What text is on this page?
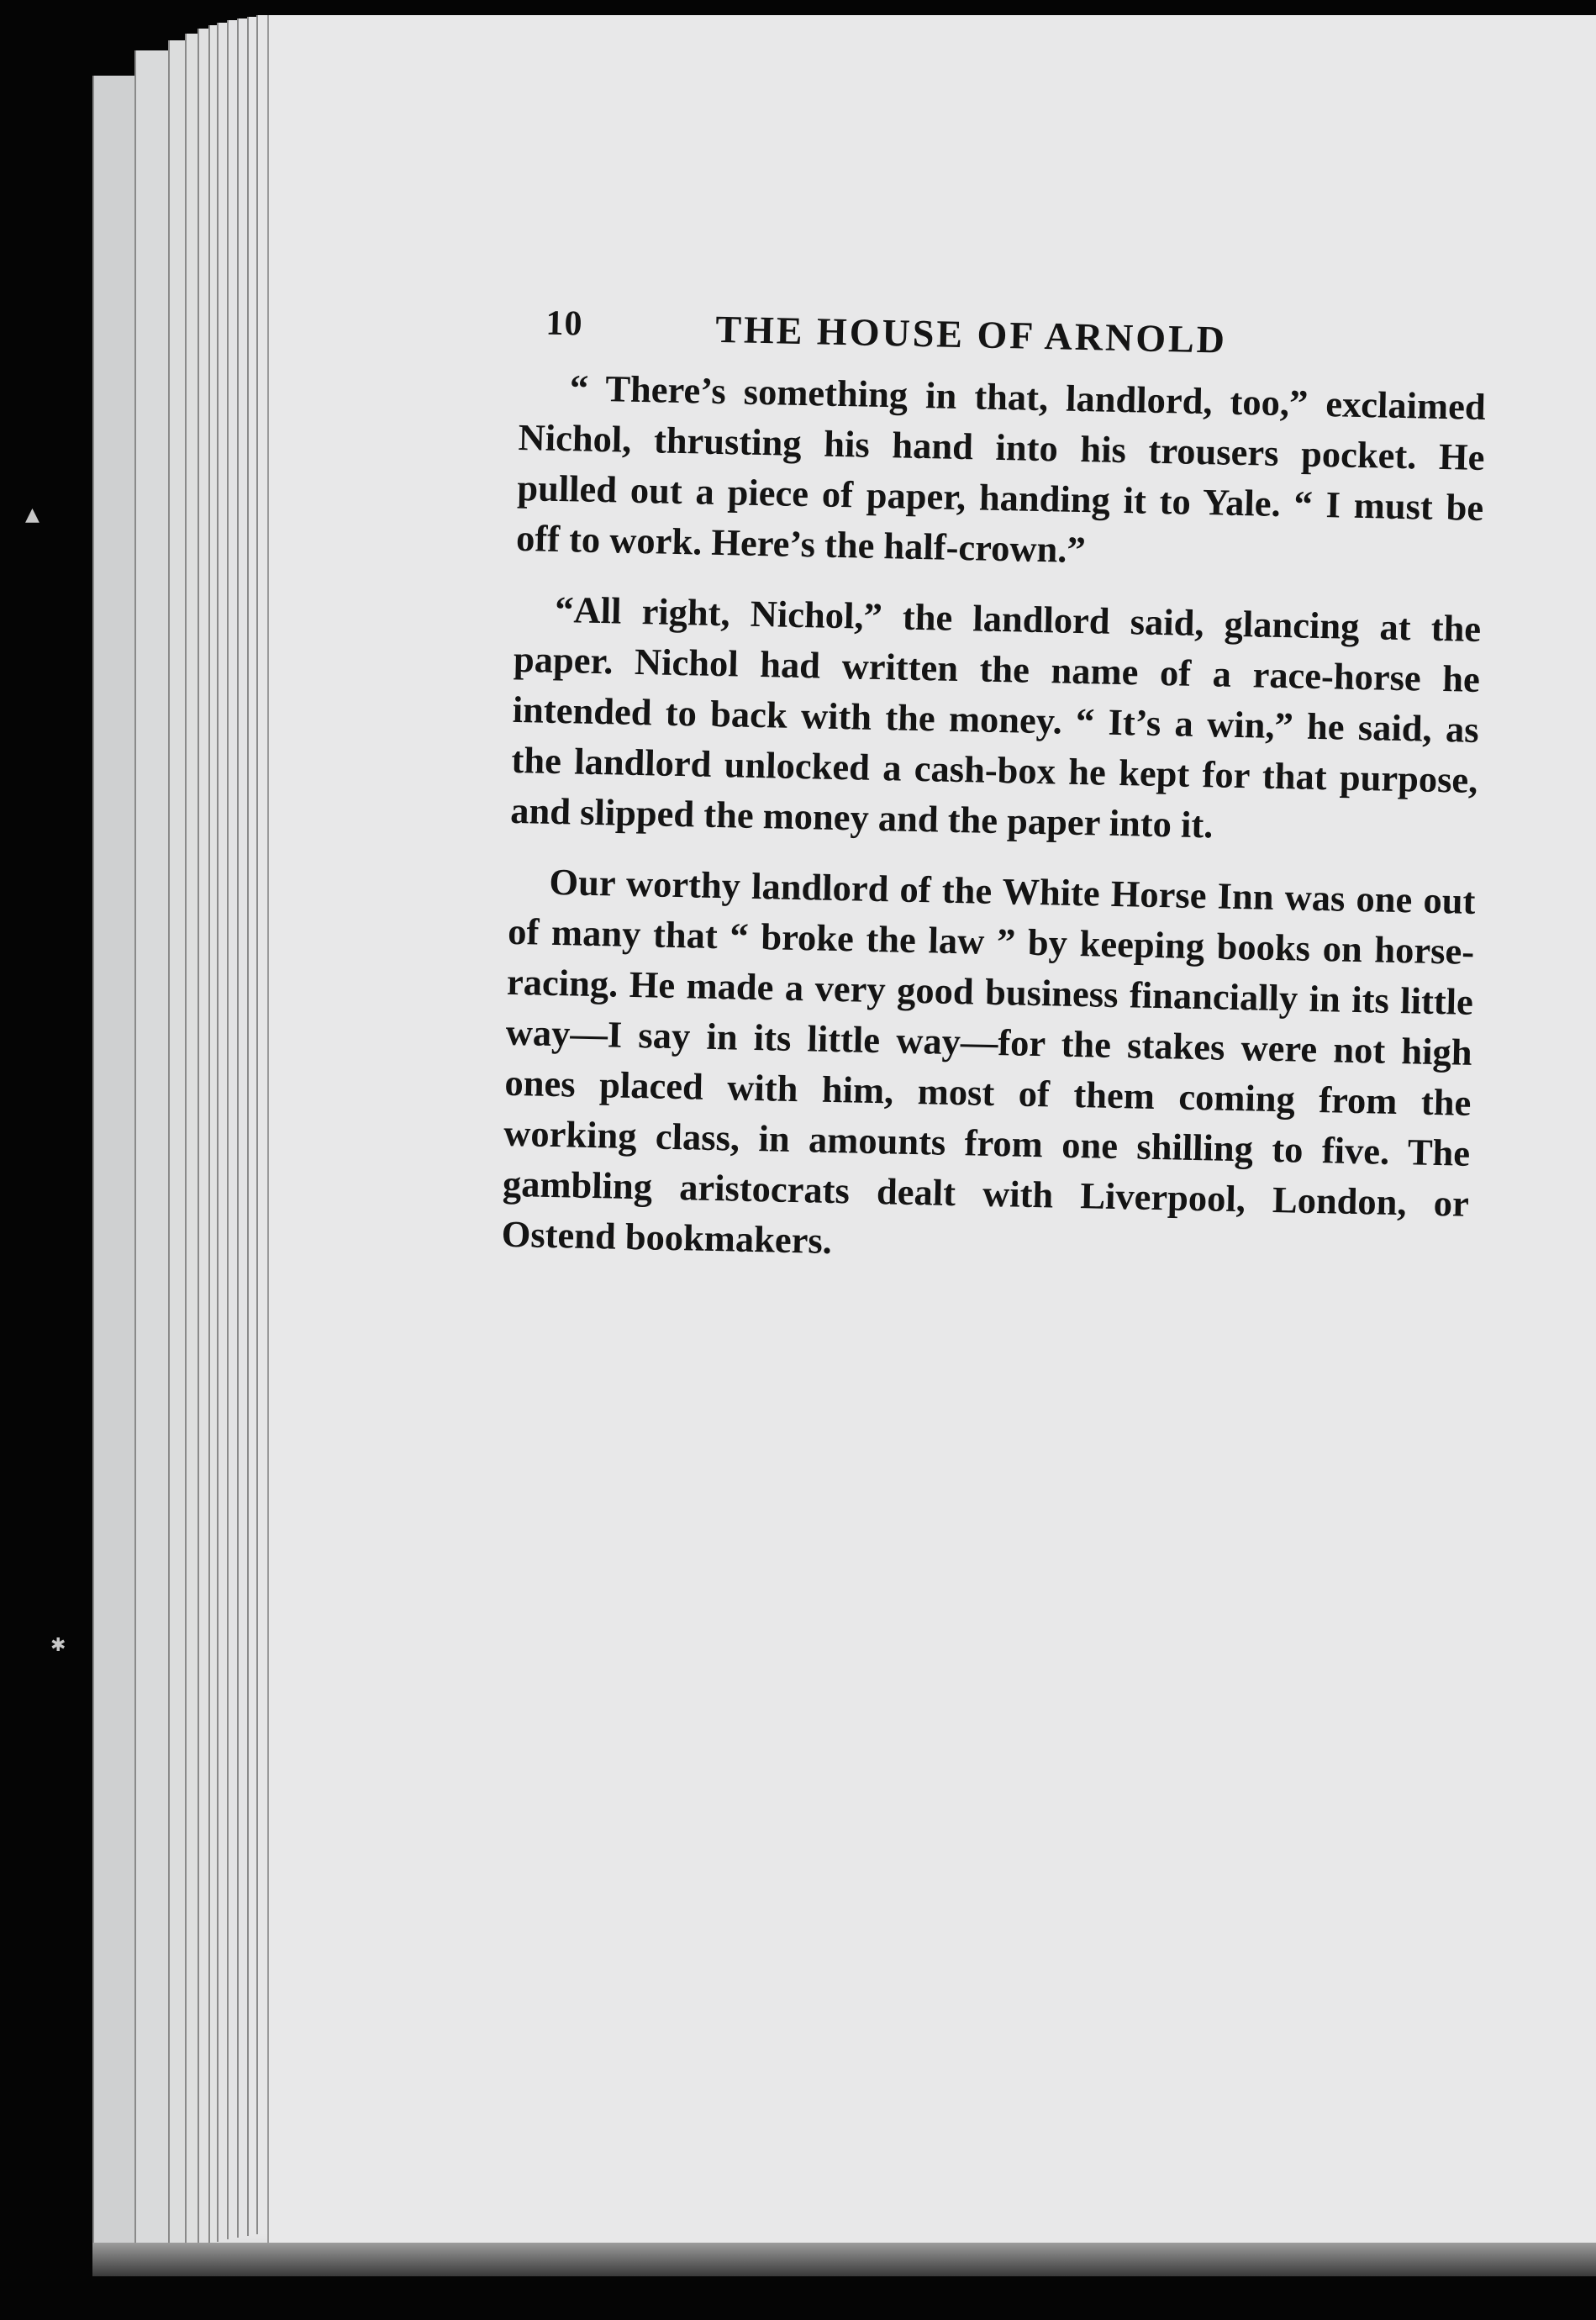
▲
✱
10	THE HOUSE OF ARNOLD

“ There’s something in that, landlord, too,” exclaimed Nichol, thrusting his hand into his trousers pocket. He pulled out a piece of paper, handing it to Yale. “ I must be off to work. Here’s the half-crown.”

“All right, Nichol,” the landlord said, glancing at the paper. Nichol had written the name of a race-horse he intended to back with the money. “ It’s a win,” he said, as the landlord unlocked a cash-box he kept for that purpose, and slipped the money and the paper into it.

Our worthy landlord of the White Horse Inn was one out of many that “ broke the law ” by keeping books on horse-racing. He made a very good business financially in its little way—I say in its little way—for the stakes were not high ones placed with him, most of them coming from the working class, in amounts from one shilling to five. The gambling aristocrats dealt with Liverpool, London, or Ostend bookmakers.
